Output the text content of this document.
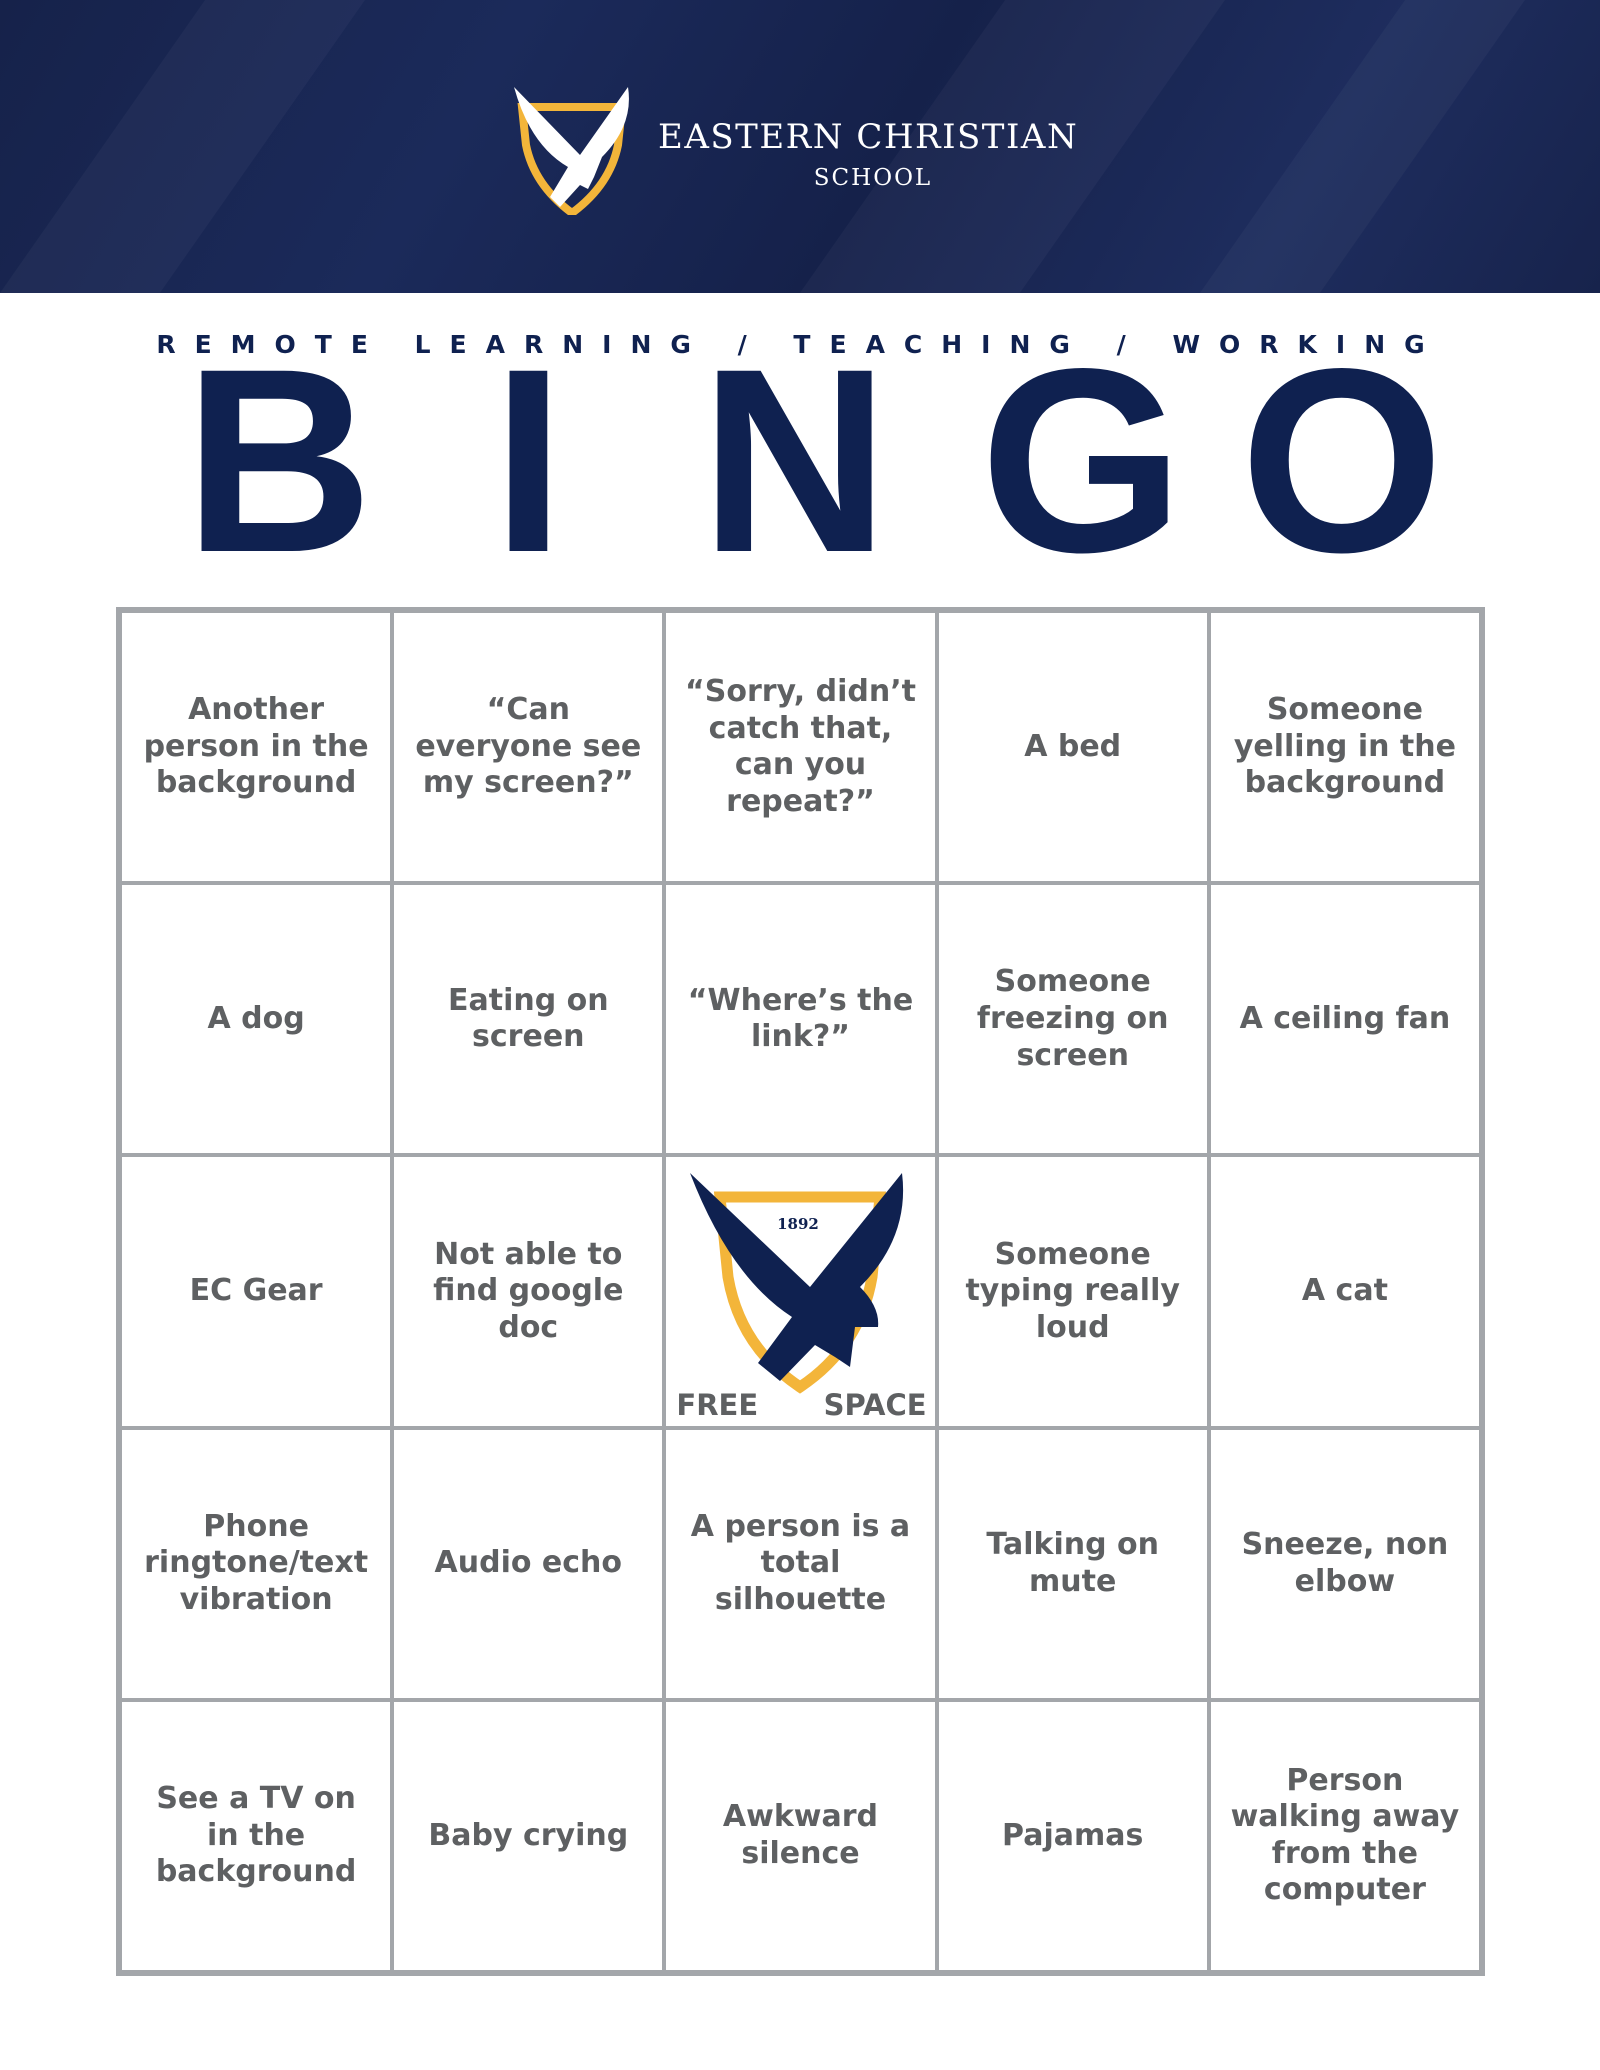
1892
EASTERN CHRISTIAN
SCHOOL
REMOTE LEARNING / TEACHING / WORKING
B I N G O
Another person in the background
“Can everyone see my screen?”
“Sorry, didn’t catch that, can you repeat?”
A bed
Someone yelling in the background
A dog
Eating on screen
“Where’s the link?”
Someone freezing on screen
A ceiling fan
EC Gear
Not able to find google doc
1892
FREE SPACE
Someone typing really loud
A cat
Phone ringtone/text vibration
Audio echo
A person is a total silhouette
Talking on mute
Sneeze, non elbow
See a TV on in the background
Baby crying
Awkward silence
Pajamas
Person walking away from the computer
